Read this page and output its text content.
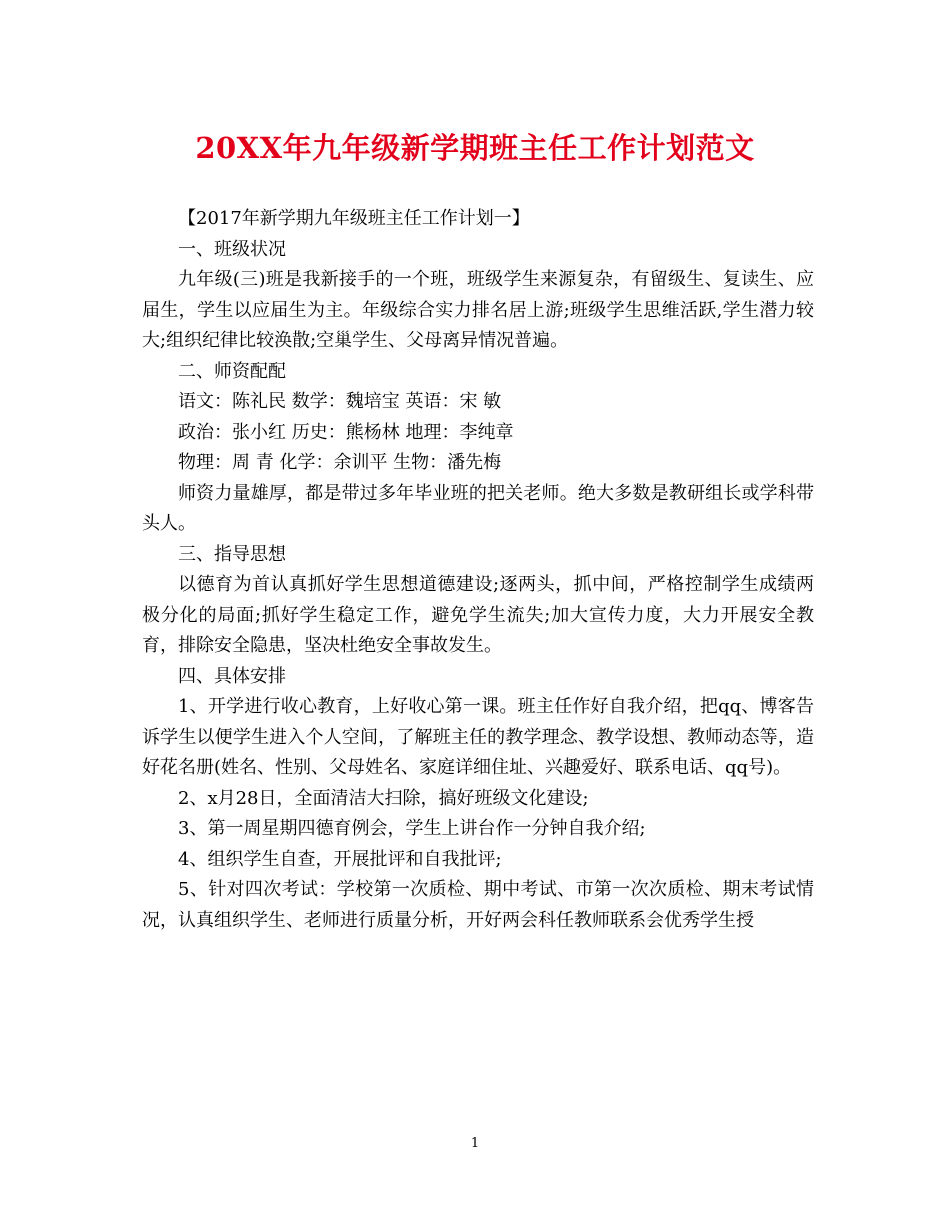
20XX年九年级新学期班主任工作计划范文

【2017年新学期九年级班主任工作计划一】

一、班级状况

九年级(三)班是我新接手的一个班，班级学生来源复杂，有留级生、复读生、应届生，学生以应届生为主。年级综合实力排名居上游;班级学生思维活跃,学生潜力较大;组织纪律比较涣散;空巢学生、父母离异情况普遍。

二、师资配配

语文：陈礼民 数学：魏培宝 英语：宋 敏

政治：张小红 历史：熊杨林 地理：李纯章

物理：周 青 化学：余训平 生物：潘先梅

师资力量雄厚，都是带过多年毕业班的把关老师。绝大多数是教研组长或学科带头人。

三、指导思想

以德育为首认真抓好学生思想道德建设;逐两头，抓中间，严格控制学生成绩两极分化的局面;抓好学生稳定工作，避免学生流失;加大宣传力度，大力开展安全教育，排除安全隐患，坚决杜绝安全事故发生。

四、具体安排

1、开学进行收心教育，上好收心第一课。班主任作好自我介绍，把qq、博客告诉学生以便学生进入个人空间，了解班主任的教学理念、教学设想、教师动态等，造好花名册(姓名、性别、父母姓名、家庭详细住址、兴趣爱好、联系电话、qq号)。

2、x月28日，全面清洁大扫除，搞好班级文化建设;

3、第一周星期四德育例会，学生上讲台作一分钟自我介绍;

4、组织学生自查，开展批评和自我批评;

5、针对四次考试：学校第一次质检、期中考试、市第一次次质检、期末考试情况，认真组织学生、老师进行质量分析，开好两会科任教师联系会优秀学生授

1
